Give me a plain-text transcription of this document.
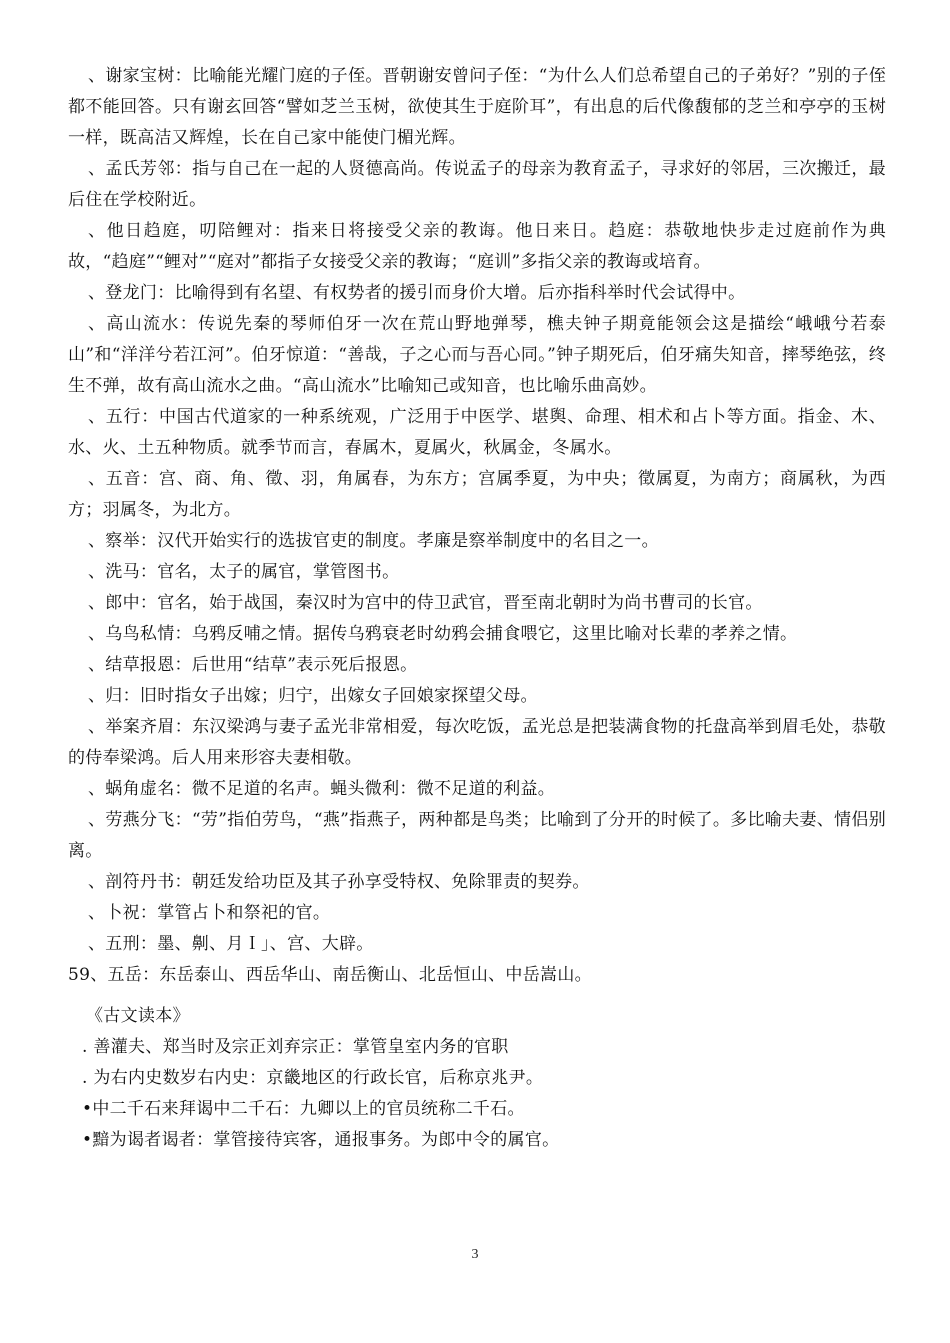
、谢家宝树：比喻能光耀门庭的子侄。晋朝谢安曾问子侄：“为什么人们总希望自己的子弟好？”别的子侄都不能回答。只有谢玄回答“譬如芝兰玉树，欲使其生于庭阶耳”，有出息的后代像馥郁的芝兰和亭亭的玉树一样，既高洁又辉煌，长在自己家中能使门楣光辉。

、孟氏芳邻：指与自己在一起的人贤德高尚。传说孟子的母亲为教育孟子，寻求好的邻居，三次搬迁，最后住在学校附近。

、他日趋庭，叨陪鲤对：指来日将接受父亲的教诲。他日来日。趋庭：恭敬地快步走过庭前作为典故，“趋庭”“鲤对”“庭对”都指子女接受父亲的教诲；“庭训”多指父亲的教诲或培育。

、登龙门：比喻得到有名望、有权势者的援引而身价大增。后亦指科举时代会试得中。

、高山流水：传说先秦的琴师伯牙一次在荒山野地弹琴，樵夫钟子期竟能领会这是描绘“峨峨兮若泰山”和“洋洋兮若江河”。伯牙惊道：“善哉，子之心而与吾心同。”钟子期死后，伯牙痛失知音，摔琴绝弦，终生不弹，故有高山流水之曲。“高山流水”比喻知己或知音，也比喻乐曲高妙。

、五行：中国古代道家的一种系统观，广泛用于中医学、堪舆、命理、相术和占卜等方面。指金、木、水、火、土五种物质。就季节而言，春属木，夏属火，秋属金，冬属水。

、五音：宫、商、角、徵、羽，角属春，为东方；宫属季夏，为中央；徵属夏，为南方；商属秋，为西方；羽属冬，为北方。

、察举：汉代开始实行的选拔官吏的制度。孝廉是察举制度中的名目之一。

、洗马：官名，太子的属官，掌管图书。

、郎中：官名，始于战国，秦汉时为宫中的侍卫武官，晋至南北朝时为尚书曹司的长官。

、乌鸟私情：乌鸦反哺之情。据传乌鸦衰老时幼鸦会捕食喂它，这里比喻对长辈的孝养之情。

、结草报恩：后世用“结草”表示死后报恩。

、归：旧时指女子出嫁；归宁，出嫁女子回娘家探望父母。

、举案齐眉：东汉梁鸿与妻子孟光非常相爱，每次吃饭，孟光总是把装满食物的托盘高举到眉毛处，恭敬的侍奉梁鸿。后人用来形容夫妻相敬。

、蜗角虚名：微不足道的名声。蝇头微利：微不足道的利益。

、劳燕分飞：“劳”指伯劳鸟，“燕”指燕子，两种都是鸟类；比喻到了分开的时候了。多比喻夫妻、情侣别离。

、剖符丹书：朝廷发给功臣及其子孙享受特权、免除罪责的契券。

、卜祝：掌管占卜和祭祀的官。

、五刑：墨、劓、月Ｉ」、宫、大辟。

59、五岳：东岳泰山、西岳华山、南岳衡山、北岳恒山、中岳嵩山。

《古文读本》

. 善灌夫、郑当时及宗正刘弃宗正：掌管皇室内务的官职

. 为右内史数岁右内史：京畿地区的行政长官，后称京兆尹。

•中二千石来拜谒中二千石：九卿以上的官员统称二千石。

•黯为谒者谒者：掌管接待宾客，通报事务。为郎中令的属官。

3
